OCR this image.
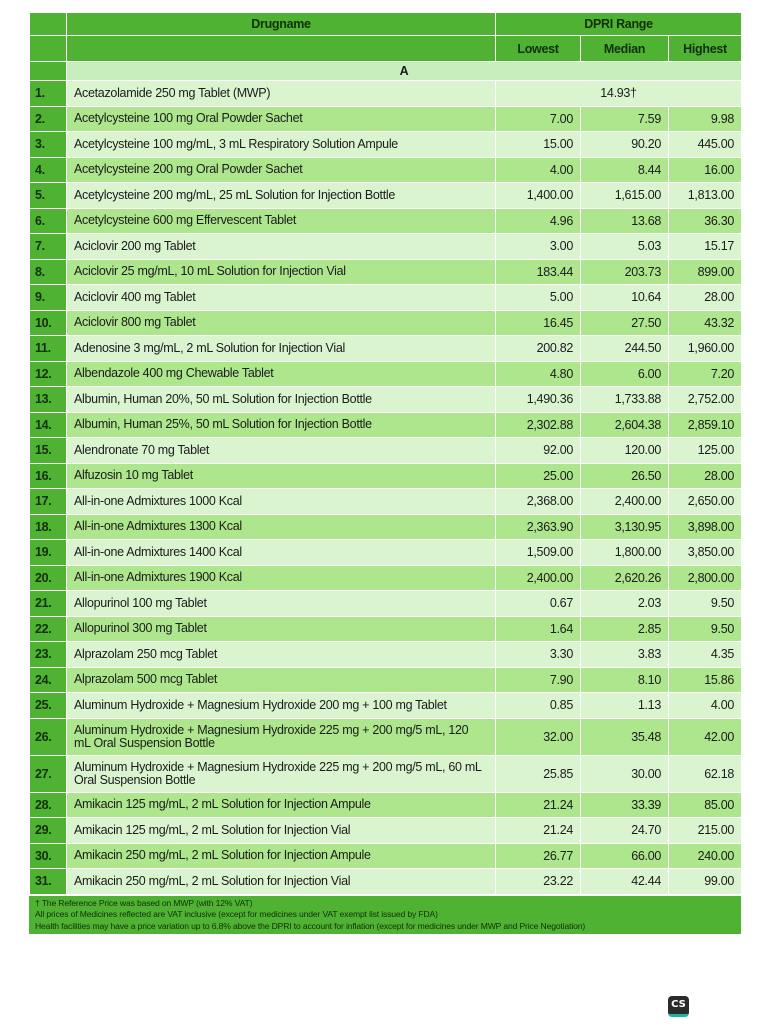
	Drugname	DPRI Range		
		Lowest	Median	Highest
	A			
1.	Acetazolamide 250 mg Tablet (MWP)	14.93†		
2.	Acetylcysteine 100 mg Oral Powder Sachet	7.00	7.59	9.98
3.	Acetylcysteine 100 mg/mL, 3 mL Respiratory Solution Ampule	15.00	90.20	445.00
4.	Acetylcysteine 200 mg Oral Powder Sachet	4.00	8.44	16.00
5.	Acetylcysteine 200 mg/mL, 25 mL Solution for Injection Bottle	1,400.00	1,615.00	1,813.00
6.	Acetylcysteine 600 mg Effervescent Tablet	4.96	13.68	36.30
7.	Aciclovir 200 mg Tablet	3.00	5.03	15.17
8.	Aciclovir 25 mg/mL, 10 mL Solution for Injection Vial	183.44	203.73	899.00
9.	Aciclovir 400 mg Tablet	5.00	10.64	28.00
10.	Aciclovir 800 mg Tablet	16.45	27.50	43.32
11.	Adenosine 3 mg/mL, 2 mL Solution for Injection Vial	200.82	244.50	1,960.00
12.	Albendazole 400 mg Chewable Tablet	4.80	6.00	7.20
13.	Albumin, Human 20%, 50 mL Solution for Injection Bottle	1,490.36	1,733.88	2,752.00
14.	Albumin, Human 25%, 50 mL Solution for Injection Bottle	2,302.88	2,604.38	2,859.10
15.	Alendronate 70 mg Tablet	92.00	120.00	125.00
16.	Alfuzosin 10 mg Tablet	25.00	26.50	28.00
17.	All-in-one Admixtures 1000 Kcal	2,368.00	2,400.00	2,650.00
18.	All-in-one Admixtures 1300 Kcal	2,363.90	3,130.95	3,898.00
19.	All-in-one Admixtures 1400 Kcal	1,509.00	1,800.00	3,850.00
20.	All-in-one Admixtures 1900 Kcal	2,400.00	2,620.26	2,800.00
21.	Allopurinol 100 mg Tablet	0.67	2.03	9.50
22.	Allopurinol 300 mg Tablet	1.64	2.85	9.50
23.	Alprazolam 250 mcg Tablet	3.30	3.83	4.35
24.	Alprazolam 500 mcg Tablet	7.90	8.10	15.86
25.	Aluminum Hydroxide + Magnesium Hydroxide 200 mg + 100 mg Tablet	0.85	1.13	4.00
26.	Aluminum Hydroxide + Magnesium Hydroxide 225 mg + 200 mg/5 mL, 120 mL Oral Suspension Bottle	32.00	35.48	42.00
27.	Aluminum Hydroxide + Magnesium Hydroxide 225 mg + 200 mg/5 mL, 60 mL Oral Suspension Bottle	25.85	30.00	62.18
28.	Amikacin 125 mg/mL, 2 mL Solution for Injection Ampule	21.24	33.39	85.00
29.	Amikacin 125 mg/mL, 2 mL Solution for Injection Vial	21.24	24.70	215.00
30.	Amikacin 250 mg/mL, 2 mL Solution for Injection Ampule	26.77	66.00	240.00
31.	Amikacin 250 mg/mL, 2 mL Solution for Injection Vial	23.22	42.44	99.00
† The Reference Price was based on MWP (with 12% VAT)
All prices of Medicines reflected are VAT inclusive (except for medicines under VAT exempt list issued by FDA)
Health facilities may have a price variation up to 6.8% above the DPRI to account for inflation (except for medicines under MWP and Price Negotiation)
CS
